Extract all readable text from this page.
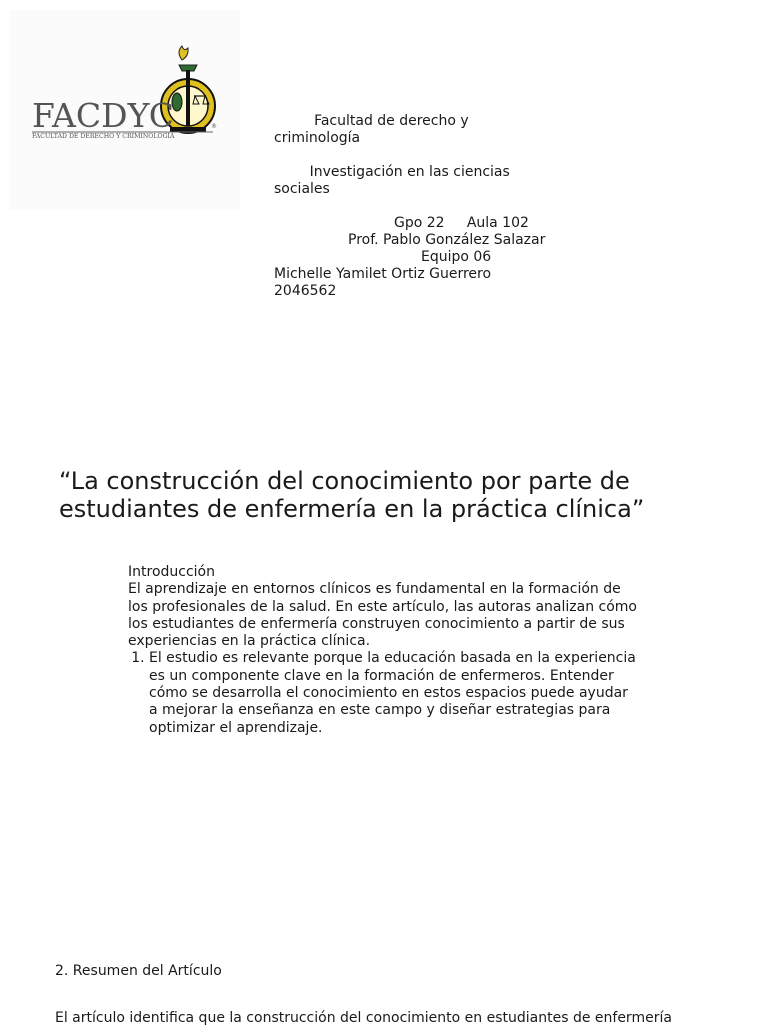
FACDYC
FACULTAD DE DERECHO Y CRIMINOLOGÍA
®	Facultad de derecho y

criminología

Investigación en las ciencias

sociales

Gpo 22     Aula 102

Prof. Pablo González Salazar

Equipo 06

Michelle Yamilet Ortiz Guerrero

2046562

“La construcción del conocimiento por parte de estudiantes de enfermería en la práctica clínica”

Introducción

El aprendizaje en entornos clínicos es fundamental en la formación de los profesionales de la salud. En este artículo, las autoras analizan cómo los estudiantes de enfermería construyen conocimiento a partir de sus experiencias en la práctica clínica.

1. El estudio es relevante porque la educación basada en la experiencia es un componente clave en la formación de enfermeros. Entender cómo se desarrolla el conocimiento en estos espacios puede ayudar a mejorar la enseñanza en este campo y diseñar estrategias para optimizar el aprendizaje.
2. Resumen del Artículo
El artículo identifica que la construcción del conocimiento en estudiantes de enfermería
